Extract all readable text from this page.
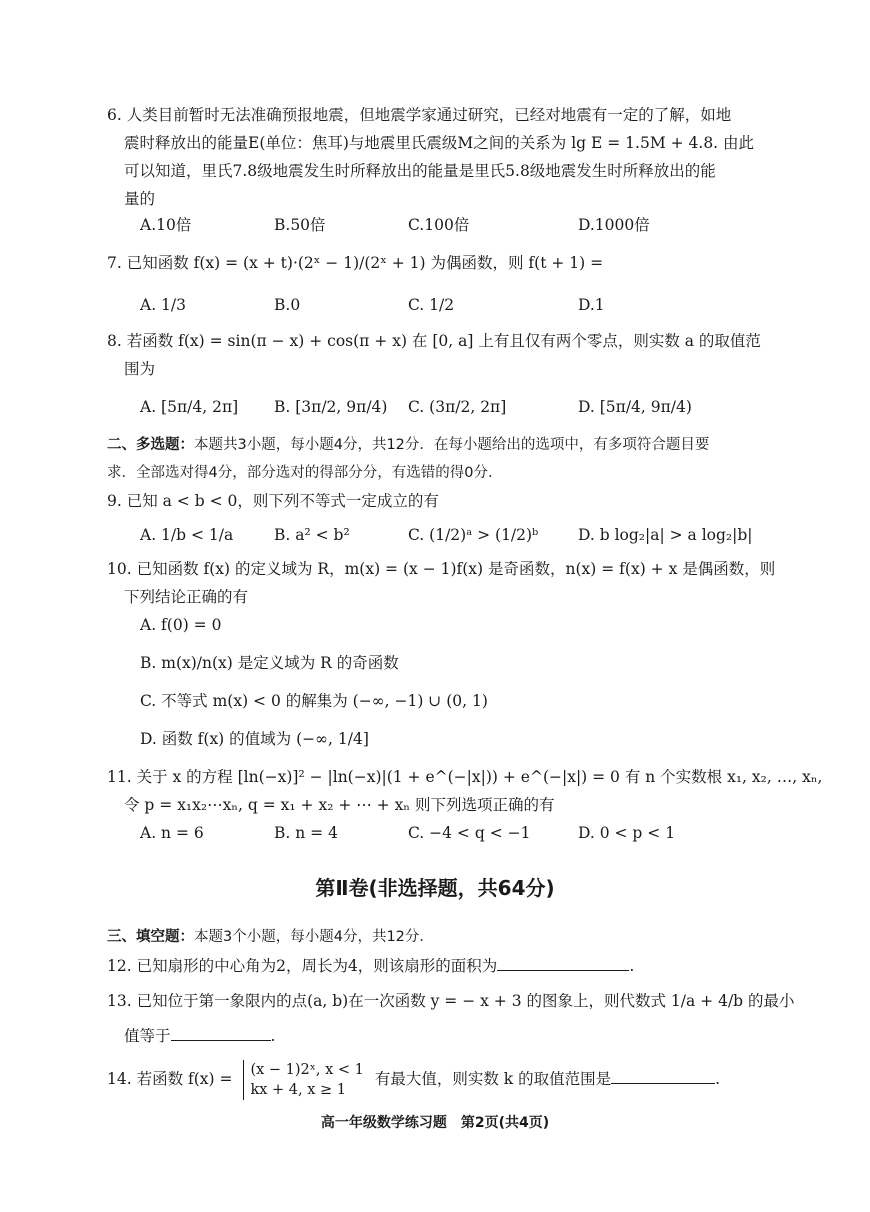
6. 人类目前暂时无法准确预报地震，但地震学家通过研究，已经对地震有一定的了解，如地
震时释放出的能量E(单位：焦耳)与地震里氏震级M之间的关系为 lg E = 1.5M + 4.8. 由此
可以知道，里氏7.8级地震发生时所释放出的能量是里氏5.8级地震发生时所释放出的能
量的
A.10倍	B.50倍	C.100倍	D.1000倍
7. 已知函数 f(x) = (x + t)·(2ˣ − 1)/(2ˣ + 1) 为偶函数，则 f(t + 1) =
A. 1/3	B.0	C. 1/2	D.1
8. 若函数 f(x) = sin(π − x) + cos(π + x) 在 [0, a] 上有且仅有两个零点，则实数 a 的取值范
围为
A. [5π/4, 2π] B. [3π/2, 9π/4) C. (3π/2, 2π]	D. [5π/4, 9π/4)
二、多选题：本题共3小题，每小题4分，共12分．在每小题给出的选项中，有多项符合题目要
求．全部选对得4分，部分选对的得部分分，有选错的得0分．
9. 已知 a < b < 0，则下列不等式一定成立的有
A. 1/b < 1/a	B. a² < b²	C. (1/2)ᵃ > (1/2)ᵇ	D. b log₂|a| > a log₂|b|
10. 已知函数 f(x) 的定义域为 R，m(x) = (x − 1)f(x) 是奇函数，n(x) = f(x) + x 是偶函数，则
下列结论正确的有
A. f(0) = 0
B. m(x)/n(x) 是定义域为 R 的奇函数
C. 不等式 m(x) < 0 的解集为 (−∞, −1) ∪ (0, 1)
D. 函数 f(x) 的值域为 (−∞, 1/4]
11. 关于 x 的方程 [ln(−x)]² − |ln(−x)|(1 + e^(−|x|)) + e^(−|x|) = 0 有 n 个实数根 x₁, x₂, …, xₙ,
令 p = x₁x₂⋯xₙ, q = x₁ + x₂ + ⋯ + xₙ 则下列选项正确的有
A. n = 6	B. n = 4	C. −4 < q < −1	D. 0 < p < 1
第Ⅱ卷(非选择题，共64分)
三、填空题：本题3个小题，每小题4分，共12分．
12. 已知扇形的中心角为2，周长为4，则该扇形的面积为	.
13. 已知位于第一象限内的点(a, b)在一次函数 y = − x + 3 的图象上，则代数式 1/a + 4/b 的最小
值等于	.
14. 若函数 f(x) = (x − 1)2ˣ, x < 1
kx + 4, x ≥ 1
有最大值，则实数 k 的取值范围是	.
高一年级数学练习题　第2页(共4页)
